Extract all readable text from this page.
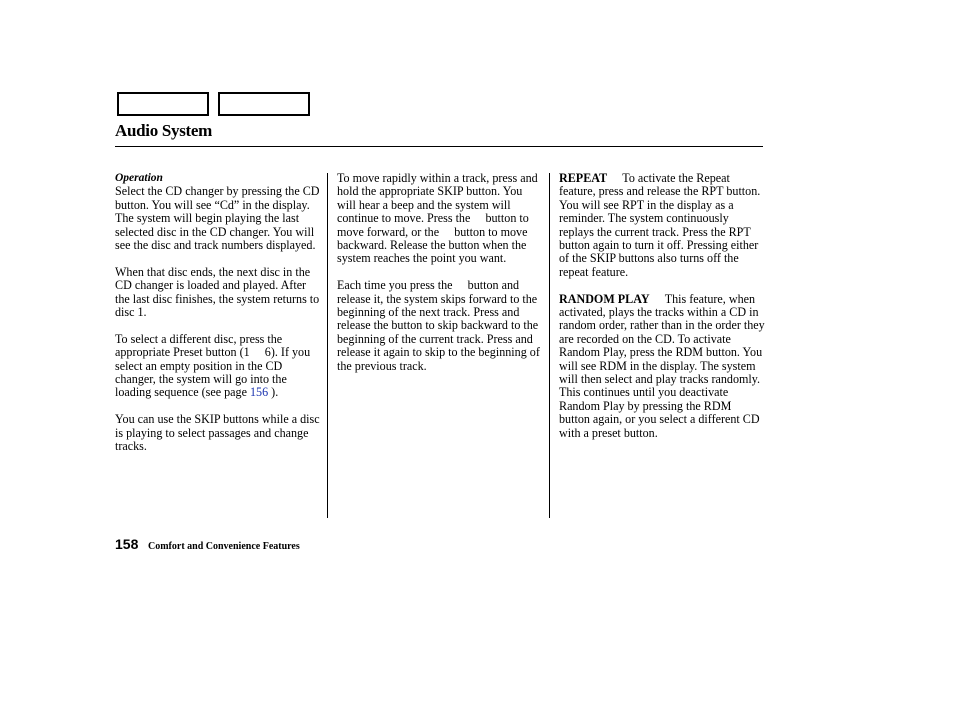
Audio System
Operation

Select the CD changer by pressing the CD button. You will see “Cd” in the display. The system will begin playing the last selected disc in the CD changer. You will see the disc and track numbers displayed.

When that disc ends, the next disc in the CD changer is loaded and played. After the last disc finishes, the system returns to disc 1.

To select a different disc, press the appropriate Preset button (1     6). If you select an empty position in the CD changer, the system will go into the loading sequence (see page 156 ).

You can use the SKIP buttons while a disc is playing to select passages and change tracks.

To move rapidly within a track, press and hold the appropriate SKIP button. You will hear a beep and the system will continue to move. Press the     button to move forward, or the     button to move backward. Release the button when the system reaches the point you want.

Each time you press the     button and release it, the system skips forward to the beginning of the next track. Press and release the button to skip backward to the beginning of the current track. Press and release it again to skip to the beginning of the previous track.

REPEAT     To activate the Repeat feature, press and release the RPT button. You will see RPT in the display as a reminder. The system continuously replays the current track. Press the RPT button again to turn it off. Pressing either of the SKIP buttons also turns off the repeat feature.

RANDOM PLAY     This feature, when activated, plays the tracks within a CD in random order, rather than in the order they are recorded on the CD. To activate Random Play, press the RDM button. You will see RDM in the display. The system will then select and play tracks randomly. This continues until you deactivate Random Play by pressing the RDM button again, or you select a different CD with a preset button.

158 Comfort and Convenience Features
